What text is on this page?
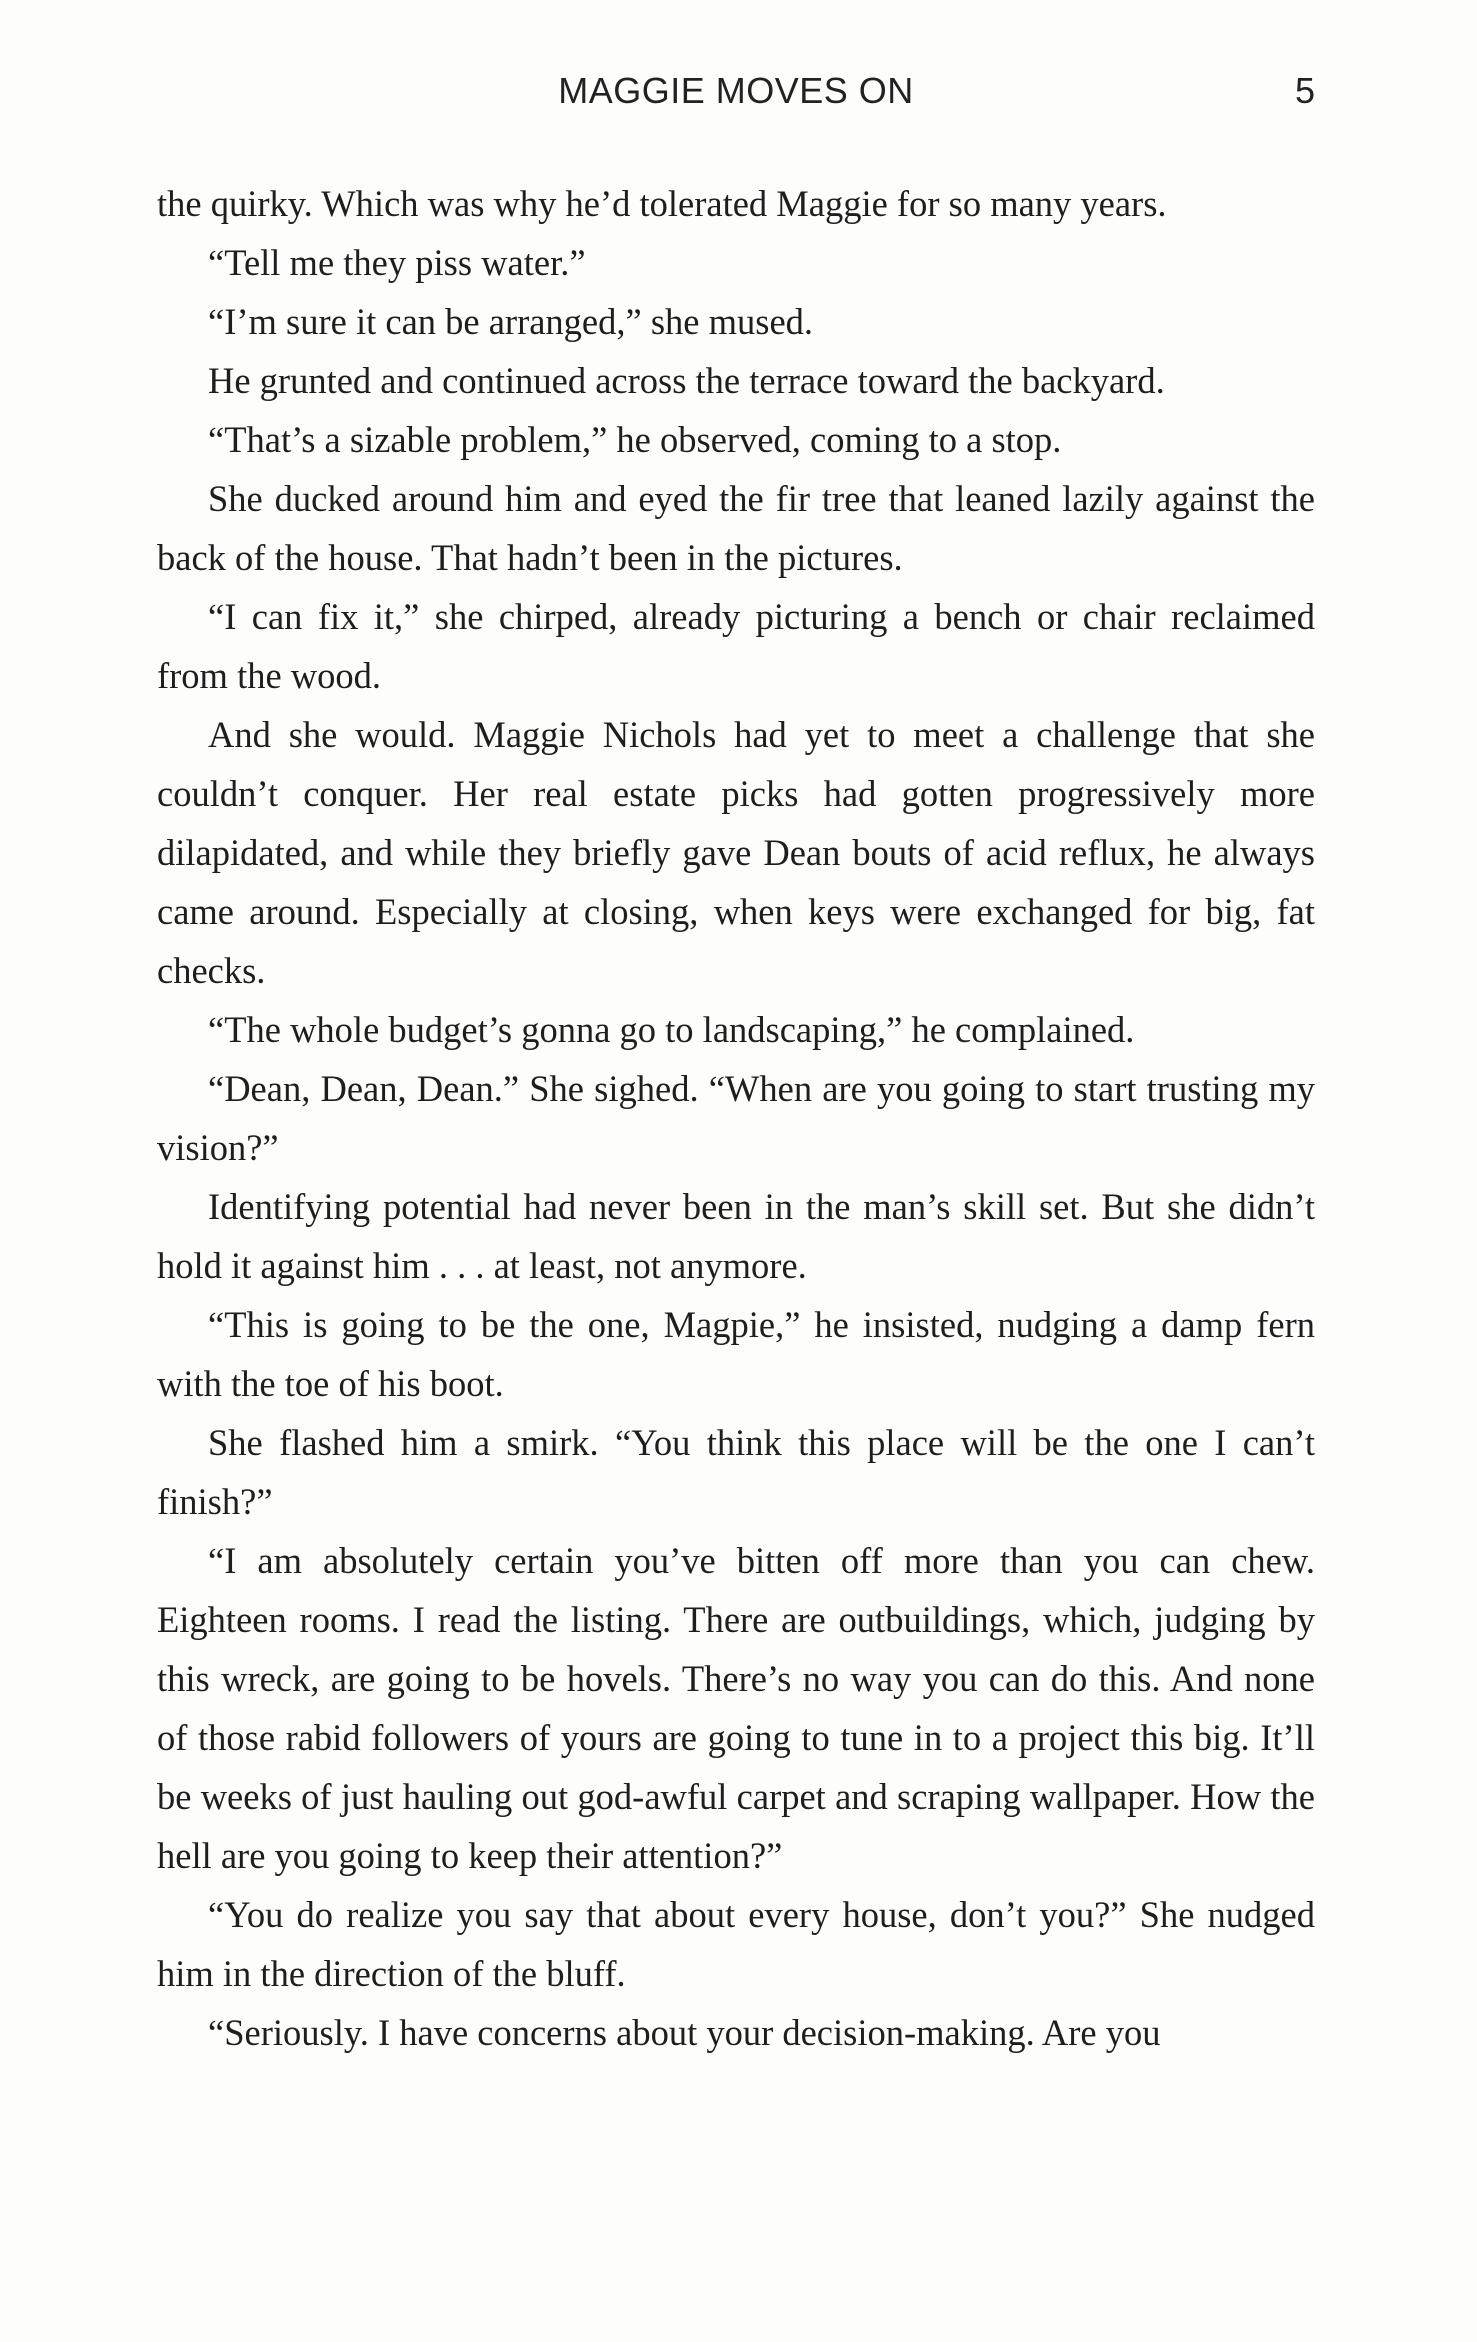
MAGGIE MOVES ON	5

the quirky. Which was why he’d tolerated Maggie for so many years.

“Tell me they piss water.”

“I’m sure it can be arranged,” she mused.

He grunted and continued across the terrace toward the backyard.

“That’s a sizable problem,” he observed, coming to a stop.

She ducked around him and eyed the fir tree that leaned lazily against the back of the house. That hadn’t been in the pictures.

“I can fix it,” she chirped, already picturing a bench or chair reclaimed from the wood.

And she would. Maggie Nichols had yet to meet a challenge that she couldn’t conquer. Her real estate picks had gotten progressively more dilapidated, and while they briefly gave Dean bouts of acid reflux, he always came around. Especially at closing, when keys were exchanged for big, fat checks.

“The whole budget’s gonna go to landscaping,” he complained.

“Dean, Dean, Dean.” She sighed. “When are you going to start trusting my vision?”

Identifying potential had never been in the man’s skill set. But she didn’t hold it against him . . . at least, not anymore.

“This is going to be the one, Magpie,” he insisted, nudging a damp fern with the toe of his boot.

She flashed him a smirk. “You think this place will be the one I can’t finish?”

“I am absolutely certain you’ve bitten off more than you can chew. Eighteen rooms. I read the listing. There are outbuildings, which, judging by this wreck, are going to be hovels. There’s no way you can do this. And none of those rabid followers of yours are going to tune in to a project this big. It’ll be weeks of just hauling out god-awful carpet and scraping wallpaper. How the hell are you going to keep their attention?”

“You do realize you say that about every house, don’t you?” She nudged him in the direction of the bluff.

“Seriously. I have concerns about your decision-making. Are you
